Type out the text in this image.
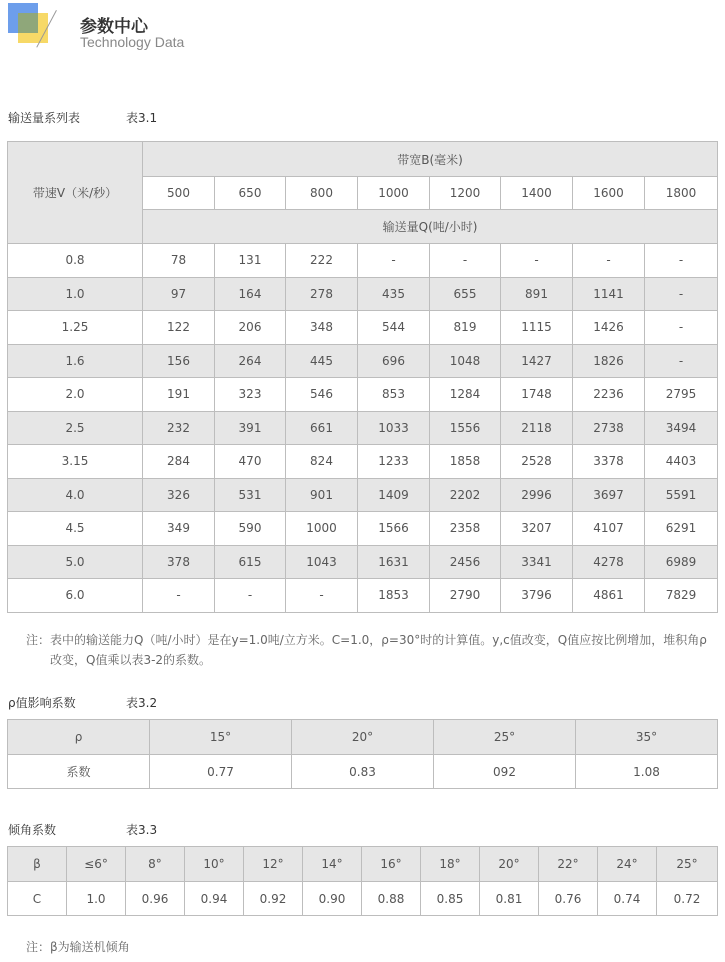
参数中心
Technology Data
输送量系列表	表3.1
带速V（米/秒）	带宽B(毫米)							
	500	650	800	1000	1200	1400	1600	1800
	输送量Q(吨/小时)							
0.8	78	131	222	-	-	-	-	-
1.0	97	164	278	435	655	891	1141	-
1.25	122	206	348	544	819	1115	1426	-
1.6	156	264	445	696	1048	1427	1826	-
2.0	191	323	546	853	1284	1748	2236	2795
2.5	232	391	661	1033	1556	2118	2738	3494
3.15	284	470	824	1233	1858	2528	3378	4403
4.0	326	531	901	1409	2202	2996	3697	5591
4.5	349	590	1000	1566	2358	3207	4107	6291
5.0	378	615	1043	1631	2456	3341	4278	6989
6.0	-	-	-	1853	2790	3796	4861	7829
注：表中的输送能力Q（吨/小时）是在y=1.0吨/立方米。C=1.0，ρ=30°时的计算值。y,c值改变，Q值应按比例增加，堆积角ρ
改变，Q值乘以表3-2的系数。
ρ值影响系数	表3.2
ρ	15°	20°	25°	35°
系数	0.77	0.83	092	1.08
倾角系数	表3.3
β	≤6°	8°	10°	12°	14°	16°	18°	20°	22°	24°	25°
C	1.0	0.96	0.94	0.92	0.90	0.88	0.85	0.81	0.76	0.74	0.72
注：β为输送机倾角
